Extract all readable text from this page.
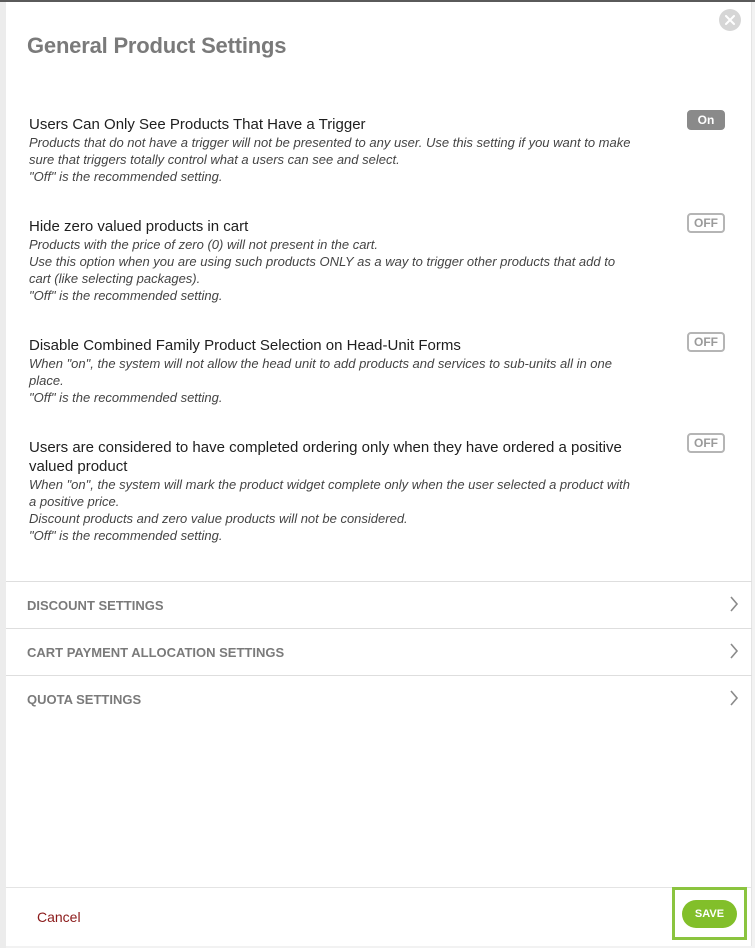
General Product Settings
Users Can Only See Products That Have a Trigger
Products that do not have a trigger will not be presented to any user. Use this setting if you want to make sure that triggers totally control what a users can see and select.
"Off" is the recommended setting.
On
Hide zero valued products in cart
Products with the price of zero (0) will not present in the cart.
Use this option when you are using such products ONLY as a way to trigger other products that add to cart (like selecting packages).
"Off" is the recommended setting.
OFF
Disable Combined Family Product Selection on Head-Unit Forms
When "on", the system will not allow the head unit to add products and services to sub-units all in one place.
"Off" is the recommended setting.
OFF
Users are considered to have completed ordering only when they have ordered a positive valued product
When "on", the system will mark the product widget complete only when the user selected a product with a positive price.
Discount products and zero value products will not be considered.
"Off" is the recommended setting.
OFF
DISCOUNT SETTINGS
CART PAYMENT ALLOCATION SETTINGS
QUOTA SETTINGS
Cancel	SAVE
